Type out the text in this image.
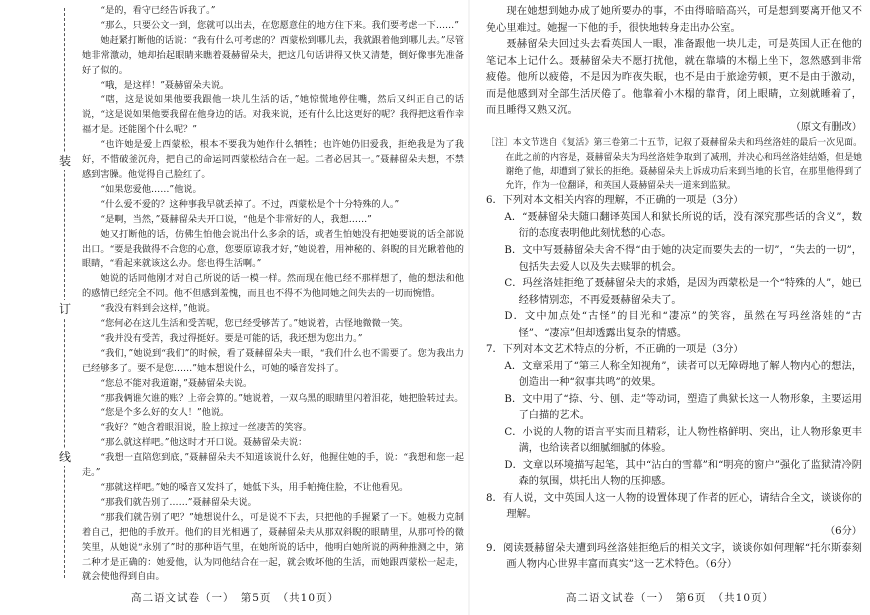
装
订
线

“是的，看守已经告诉我了。”

“那么，只要公文一到，您就可以出去，在您愿意住的地方住下来。我们要考虑一下……”

她赶紧打断他的话说：“我有什么可考虑的？西蒙松到哪儿去，我就跟着他到哪儿去。”尽管她非常激动，她却抬起眼睛来瞧着聂赫留朵夫，把这几句话讲得又快又清楚，倒好像事先准备好了似的。

“哦，是这样！”聂赫留朵夫说。

“嗐，这是说如果他要我跟他一块儿生活的话，”她惊慌地停住嘴，然后又纠正自己的话说，“这是说如果他要我留在他身边的话。对我来说，还有什么比这更好的呢？我得把这看作幸福才是。还能图个什么呢？”

“也许她是爱上西蒙松，根本不要我为她作什么牺牲；也许她仍旧爱我，拒绝我是为了我好，不惜破釜沉舟，把自己的命运同西蒙松结合在一起。二者必居其一。”聂赫留朵夫想，不禁感到害臊。他觉得自己脸红了。

“如果您爱他……”他说。

“什么爱不爱的？这种事我早就丢掉了。不过，西蒙松是个十分特殊的人。”

“是啊，当然，”聂赫留朵夫开口说，“他是个非常好的人，我想……”

她又打断他的话，仿佛生怕他会说出什么多余的话，或者生怕她没有把她要说的话全部说出口。“要是我做得不合您的心意，您要原谅我才好，”她说着，用神秘的、斜睨的目光瞅着他的眼睛，“看起来就该这么办。您也得生活啊。”

她说的话同他刚才对自己所说的话一模一样。然而现在他已经不那样想了，他的想法和他的感情已经完全不同。他不但感到羞愧，而且也不得不为他同她之间失去的一切而惋惜。

“我没有料到会这样，”他说。

“您何必在这儿生活和受苦呢，您已经受够苦了。”她说着，古怪地微微一笑。

“我并没有受苦，我过得挺好。要是可能的话，我还想为您出力。”

“我们，”她说到“我们”的时候，看了聂赫留朵夫一眼，“我们什么也不需要了。您为我出力已经够多了。要不是您……”她本想说什么，可她的嗓音发抖了。

“您总不能对我道谢，”聂赫留朵夫说。

“那我俩谁欠谁的账？上帝会算的。”她说着，一双乌黑的眼睛里闪着泪花，她把脸转过去。

“您是个多么好的女人！”他说。

“我好？”她含着眼泪说，脸上掠过一丝凄苦的笑容。

“那么就这样吧。”他这时才开口说。聂赫留朵夫说：

“我想一直陪您到底，”聂赫留朵夫不知道该说什么好，他握住她的手，说：“我想和您一起走。”

“那就这样吧。”她的嗓音又发抖了，她低下头，用手帕掩住脸，不让他看见。

“那我们就告别了……”聂赫留朵夫说。

“那我们就告别了吧？”她想说什么，可是说不下去，只把他的手握紧了一下。她极力克制着自己，把他的手放开。他们的目光相遇了，聂赫留朵夫从那双斜睨的眼睛里，从那可怜的微笑里，从她说“永别了”时的那种语气里，在她所说的话中，他明白她所说的两种推测之中，第二种才是正确的：她爱他，认为同他结合在一起，就会败坏他的生活，而她跟西蒙松一起走，就会使他得到自由。

高二语文试卷（一）　第5页　（共10页）

现在她想到她办成了她所要办的事，不由得暗暗高兴，可是想到要离开他又不免心里难过。她握一下他的手，很快地转身走出办公室。

聂赫留朵夫回过头去看英国人一眼，准备跟他一块儿走，可是英国人正在他的笔记本上记什么。聂赫留朵夫不愿打扰他，就在靠墙的木榻上坐下，忽然感到非常疲倦。他所以疲倦，不是因为昨夜失眠，也不是由于旅途劳顿，更不是由于激动，而是他感到对全部生活厌倦了。他靠着小木榻的靠背，闭上眼睛，立刻就睡着了，而且睡得又熟又沉。

（原文有删改）

［注］本文节选自《复活》第三卷第二十五节，记叙了聂赫留朵夫和玛丝洛娃的最后一次见面。在此之前的内容是，聂赫留朵夫为玛丝洛娃争取到了减刑，并决心和玛丝洛娃结婚，但是她谢绝了他，却遭到了狱长的拒绝。聂赫留朵夫上诉成功后来到当地的长官，在那里他得到了允许，作为一位翻译，和英国人聂赫留朵夫一道来到监狱。

6．下列对本文相关内容的理解，不正确的一项是（3分）

A．“聂赫留朵夫随口翻译英国人和狱长所说的话，没有深究那些话的含义”，数衍的态度表明他此刻忧愁的心态。

B．文中写聂赫留朵夫舍不得“由于她的决定而要失去的一切”，“失去的一切”，包括失去爱人以及失去赎罪的机会。

C．玛丝洛娃拒绝了聂赫留朵夫的求婚，是因为西蒙松是一个“特殊的人”，她已经移情别恋，不再爱聂赫留朵夫了。

D．文中加点处“古怪”的目光和“凄凉”的笑容，虽然在写玛丝洛娃的“古怪”、“凄凉”但却透露出复杂的情感。

7．下列对本文艺术特点的分析，不正确的一项是（3分）

A．文章采用了“第三人称全知视角”，读者可以无障碍地了解人物内心的想法，创造出一种“叙事共鸣”的效果。

B．文中用了“捺、兮、刨、走”等动词，塑造了典狱长这一人物形象，主要运用了白描的艺术。

C．小说的人物的语言平实而且精彩，让人物性格鲜明、突出，让人物形象更丰满，也给读者以细腻细腻的体验。

D．文章以环境描写起笔，其中“沾白的雪幕”和“明亮的窗户”强化了监狱清冷阴森的氛围，烘托出人物的压抑感。

8．有人说，文中英国人这一人物的设置体现了作者的匠心，请结合全文，谈谈你的理解。

（6分）

9．阅读聂赫留朵夫遭到玛丝洛娃拒绝后的相关文字，谈谈你如何理解“托尔斯泰刻画人物内心世界丰富而真实”这一艺术特色。（6分）

高二语文试卷（一）　第6页　（共10页）
